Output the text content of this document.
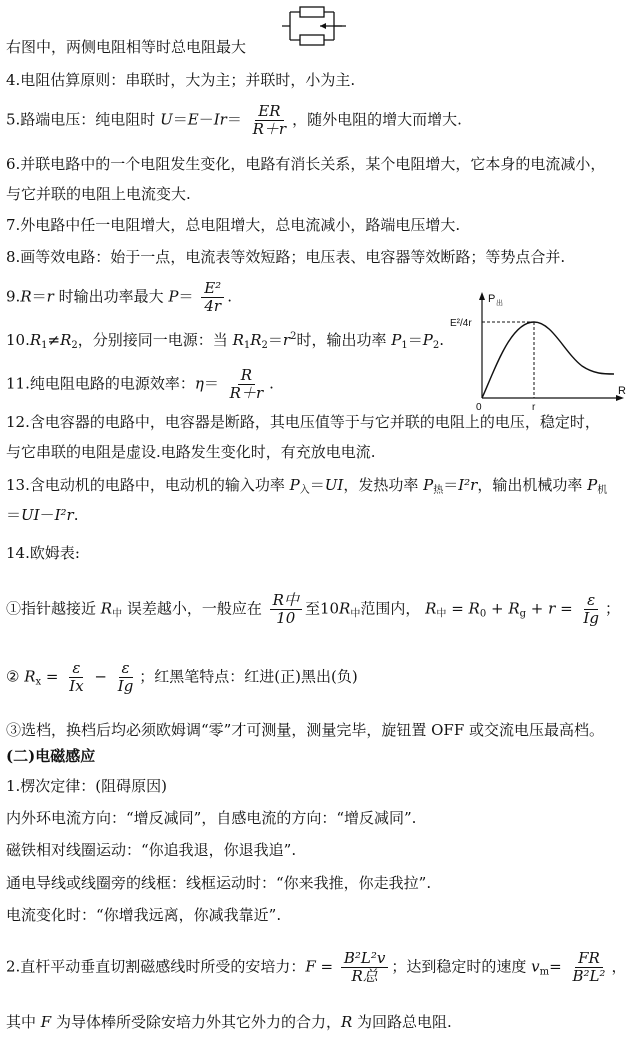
右图中，两侧电阻相等时总电阻最大
4.电阻估算原则：串联时，大为主；并联时，小为主.
5.路端电压：纯电阻时 $U=E-Ir= \frac{ER}{R+r}$ ，随外电阻的增大而增大.
6.并联电路中的一个电阻发生变化，电路有消长关系，某个电阻增大，它本身的电流减小，
与它并联的电阻上电流变大.
7.外电路中任一电阻增大，总电阻增大，总电流减小，路端电压增大.
8.画等效电路：始于一点，电流表等效短路；电压表、电容器等效断路；等势点合并.
9.R＝r 时输出功率最大 $P= \frac{\text{E²}}{4r}$ .
$10.R_1\ne R_2$，分别接同一电源：当 $R_1R_2=r^2$时，输出功率 $P_1=P_2$.
11.纯电阻电路的电源效率：$\eta= \frac{R}{R+r}$ .
P 出
R
E²/4r
0	r
12.含电容器的电路中，电容器是断路，其电压值等于与它并联的电阻上的电压，稳定时，
与它串联的电阻是虚设.电路发生变化时，有充放电电流.
13.含电动机的电路中，电动机的输入功率 $P_入=UI$，发热功率 $P_热=I^2r$，输出机械功率 $P_机$
＝UI－I²r.
14.欧姆表:
①指针越接近 $R_中$ 误差越小，一般应在 $\frac{\text{R中}}{10}$ 至$10R_中$范围内， $R_中 = R_0 + R_g + r = \frac{\varepsilon}{Ig}$ ；
② $R_x = \frac{\varepsilon}{Ix} - \frac{\varepsilon}{Ig}$ ；红黑笔特点：红进(正)黑出(负)
③选档，换档后均必须欧姆调“零”才可测量，测量完毕，旋钮置 OFF 或交流电压最高档。
(二)电磁感应
1.楞次定律：(阻碍原因)
内外环电流方向：“增反减同”，自感电流的方向：“增反减同”.
磁铁相对线圈运动：“你追我退，你退我追”.
通电导线或线圈旁的线框：线框运动时：“你来我推，你走我拉”.
电流变化时：“你增我远离，你减我靠近”.
2.直杆平动垂直切割磁感线时所受的安培力：$F = \frac{\text{B²L²v}}{\text{R总}}$ ；达到稳定时的速度 $v_m= \frac{FR}{\text{B²L²}}$ ，
其中 F 为导体棒所受除安培力外其它外力的合力，R 为回路总电阻.
